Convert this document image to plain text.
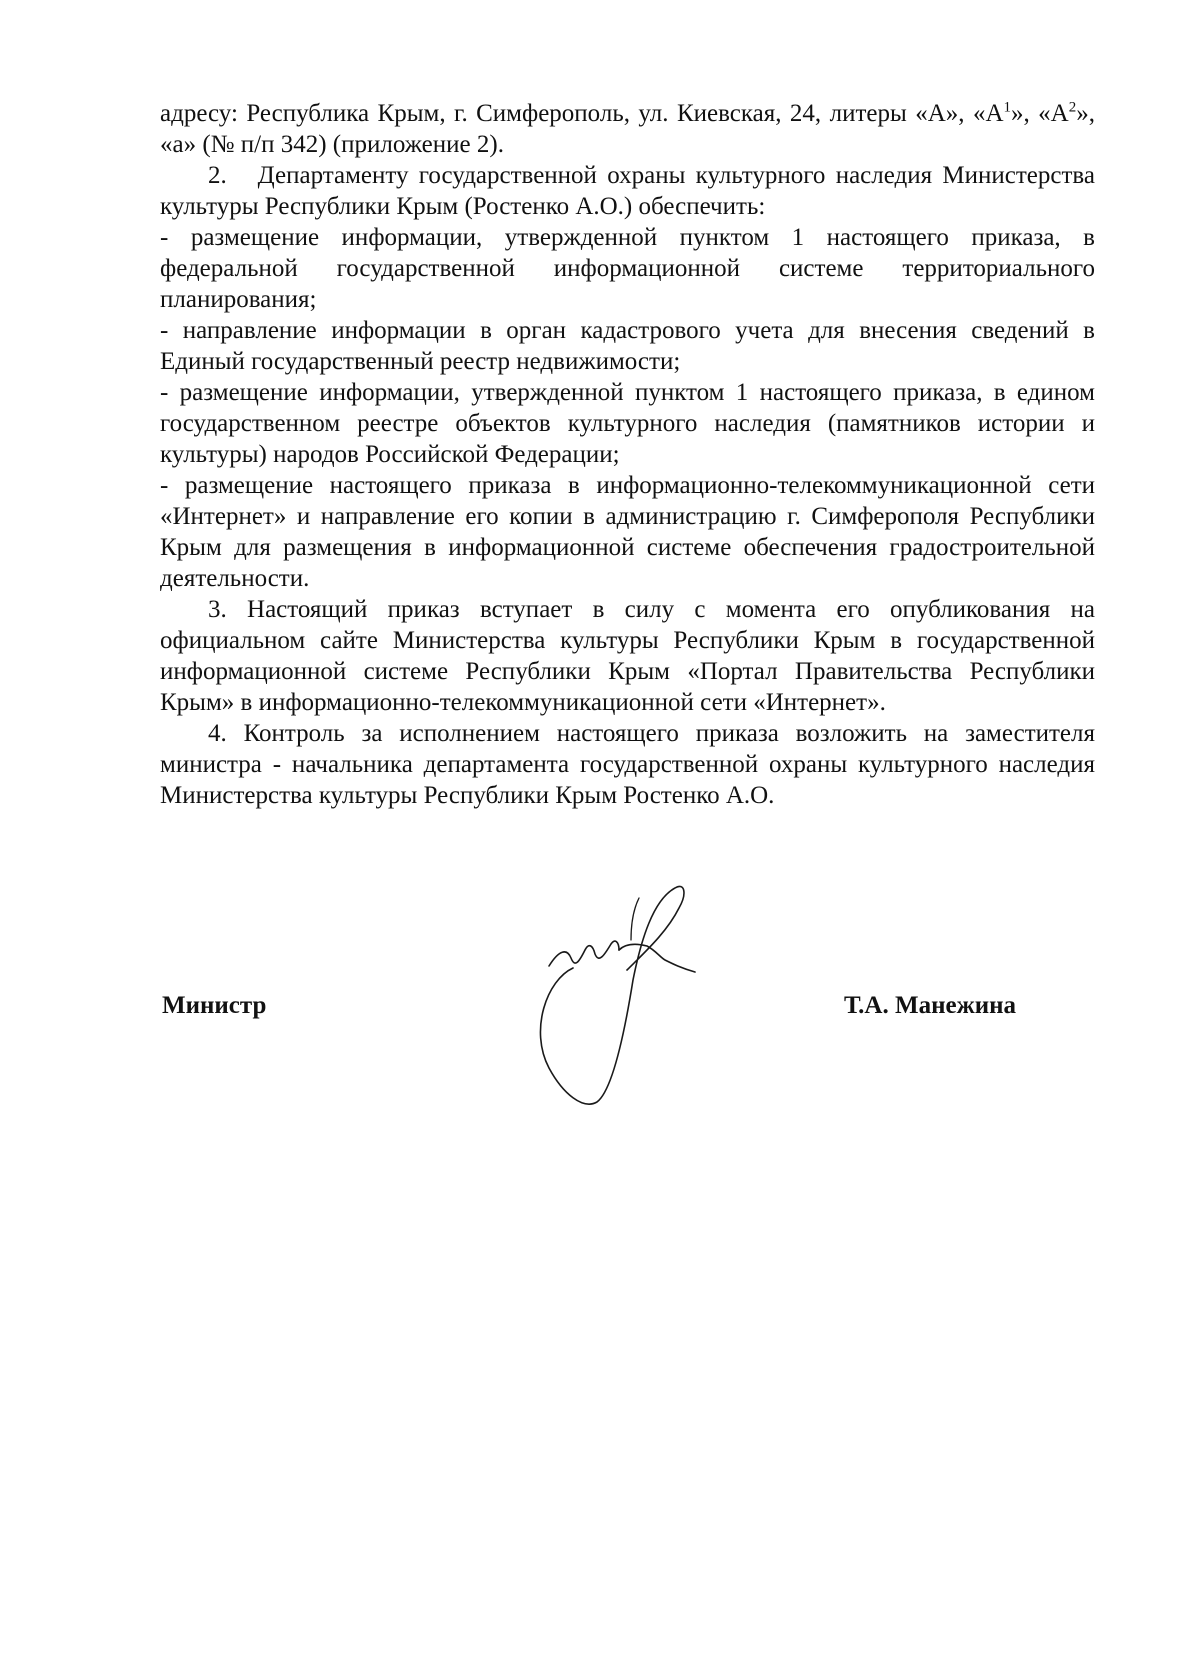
адресу: Республика Крым, г. Симферополь, ул. Киевская, 24, литеры «А», «$А^1$», «$А^2$», «а» (№ п/п 342) (приложение 2).

2.   Департаменту государственной охраны культурного наследия Министерства культуры Республики Крым (Ростенко А.О.) обеспечить:

- размещение информации, утвержденной пунктом 1 настоящего приказа, в федеральной государственной информационной системе территориального планирования;

- направление информации в орган кадастрового учета для внесения сведений в Единый государственный реестр недвижимости;

- размещение информации, утвержденной пунктом 1 настоящего приказа, в едином государственном реестре объектов культурного наследия (памятников истории и культуры) народов Российской Федерации;

- размещение настоящего приказа в информационно-телекоммуникационной сети «Интернет» и направление его копии в администрацию г. Симферополя Республики Крым для размещения в информационной системе обеспечения градостроительной деятельности.

3. Настоящий приказ вступает в силу с момента его опубликования на официальном сайте Министерства культуры Республики Крым в государственной информационной системе Республики Крым «Портал Правительства Республики Крым» в информационно-телекоммуникационной сети «Интернет».

4. Контроль за исполнением настоящего приказа возложить на заместителя министра - начальника департамента государственной охраны культурного наследия Министерства культуры Республики Крым Ростенко А.О.

Министр	Т.А. Манежина
